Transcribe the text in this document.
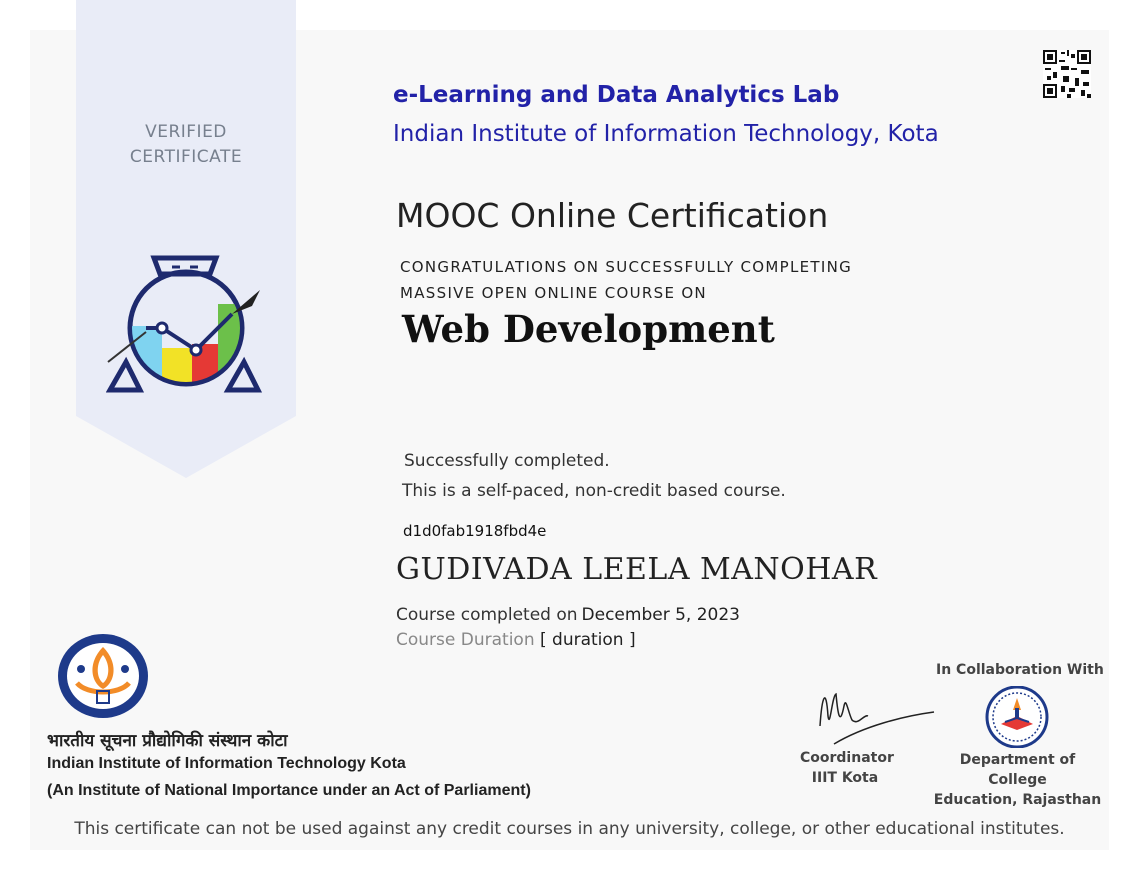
VERIFIED
CERTIFICATE
e-Learning and Data Analytics Lab
Indian Institute of Information Technology, Kota
MOOC Online Certification
CONGRATULATIONS ON SUCCESSFULLY COMPLETING
MASSIVE OPEN ONLINE COURSE ON
Web Development
Successfully completed.
This is a self-paced, non-credit based course.
d1d0fab1918fbd4e
GUDIVADA LEELA MANOHAR
Course completed on December 5, 2023
Course Duration [ duration ]
भारतीय सूचना प्रौद्योगिकी संस्थान कोटा
Indian Institute of Information Technology Kota
(An Institute of National Importance under an Act of Parliament)
Coordinator
IIIT Kota
In Collaboration With
Department of College
Education, Rajasthan
This certificate can not be used against any credit courses in any university, college, or other educational institutes.
